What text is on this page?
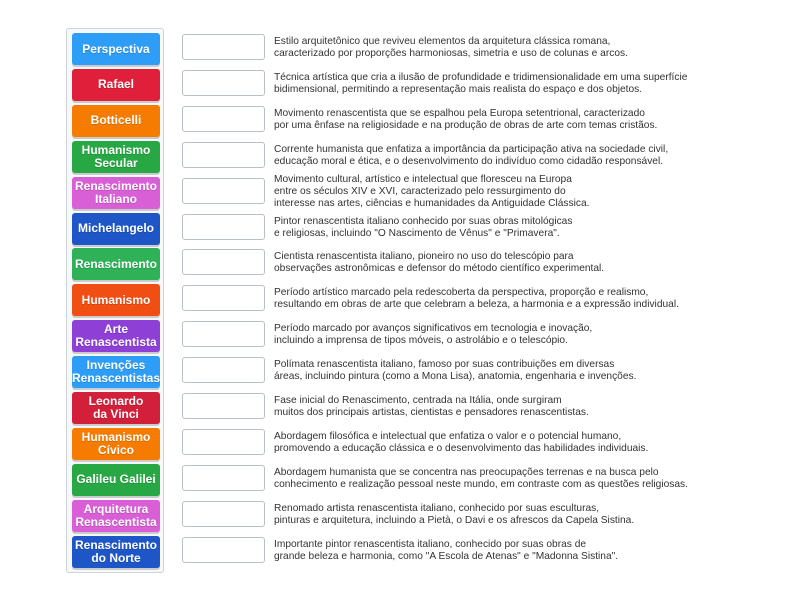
Perspectiva
Rafael
Botticelli
Humanismo
Secular
Renascimento
Italiano
Michelangelo
Renascimento
Humanismo
Arte
Renascentista
Invenções
Renascentistas
Leonardo
da Vinci
Humanismo
Cívico
Galileu Galilei
Arquitetura
Renascentista
Renascimento
do Norte
Estilo arquitetônico que reviveu elementos da arquitetura clássica romana,
caracterizado por proporções harmoniosas, simetria e uso de colunas e arcos.
Técnica artística que cria a ilusão de profundidade e tridimensionalidade em uma superfície
bidimensional, permitindo a representação mais realista do espaço e dos objetos.
Movimento renascentista que se espalhou pela Europa setentrional, caracterizado
por uma ênfase na religiosidade e na produção de obras de arte com temas cristãos.
Corrente humanista que enfatiza a importância da participação ativa na sociedade civil,
educação moral e ética, e o desenvolvimento do indivíduo como cidadão responsável.
Movimento cultural, artístico e intelectual que floresceu na Europa
entre os séculos XIV e XVI, caracterizado pelo ressurgimento do
interesse nas artes, ciências e humanidades da Antiguidade Clássica.
Pintor renascentista italiano conhecido por suas obras mitológicas
e religiosas, incluindo "O Nascimento de Vênus" e "Primavera".
Cientista renascentista italiano, pioneiro no uso do telescópio para
observações astronômicas e defensor do método científico experimental.
Período artístico marcado pela redescoberta da perspectiva, proporção e realismo,
resultando em obras de arte que celebram a beleza, a harmonia e a expressão individual.
Período marcado por avanços significativos em tecnologia e inovação,
incluindo a imprensa de tipos móveis, o astrolábio e o telescópio.
Polímata renascentista italiano, famoso por suas contribuições em diversas
áreas, incluindo pintura (como a Mona Lisa), anatomia, engenharia e invenções.
Fase inicial do Renascimento, centrada na Itália, onde surgiram
muitos dos principais artistas, cientistas e pensadores renascentistas.
Abordagem filosófica e intelectual que enfatiza o valor e o potencial humano,
promovendo a educação clássica e o desenvolvimento das habilidades individuais.
Abordagem humanista que se concentra nas preocupações terrenas e na busca pelo
conhecimento e realização pessoal neste mundo, em contraste com as questões religiosas.
Renomado artista renascentista italiano, conhecido por suas esculturas,
pinturas e arquitetura, incluindo a Pietà, o Davi e os afrescos da Capela Sistina.
Importante pintor renascentista italiano, conhecido por suas obras de
grande beleza e harmonia, como "A Escola de Atenas" e "Madonna Sistina".
